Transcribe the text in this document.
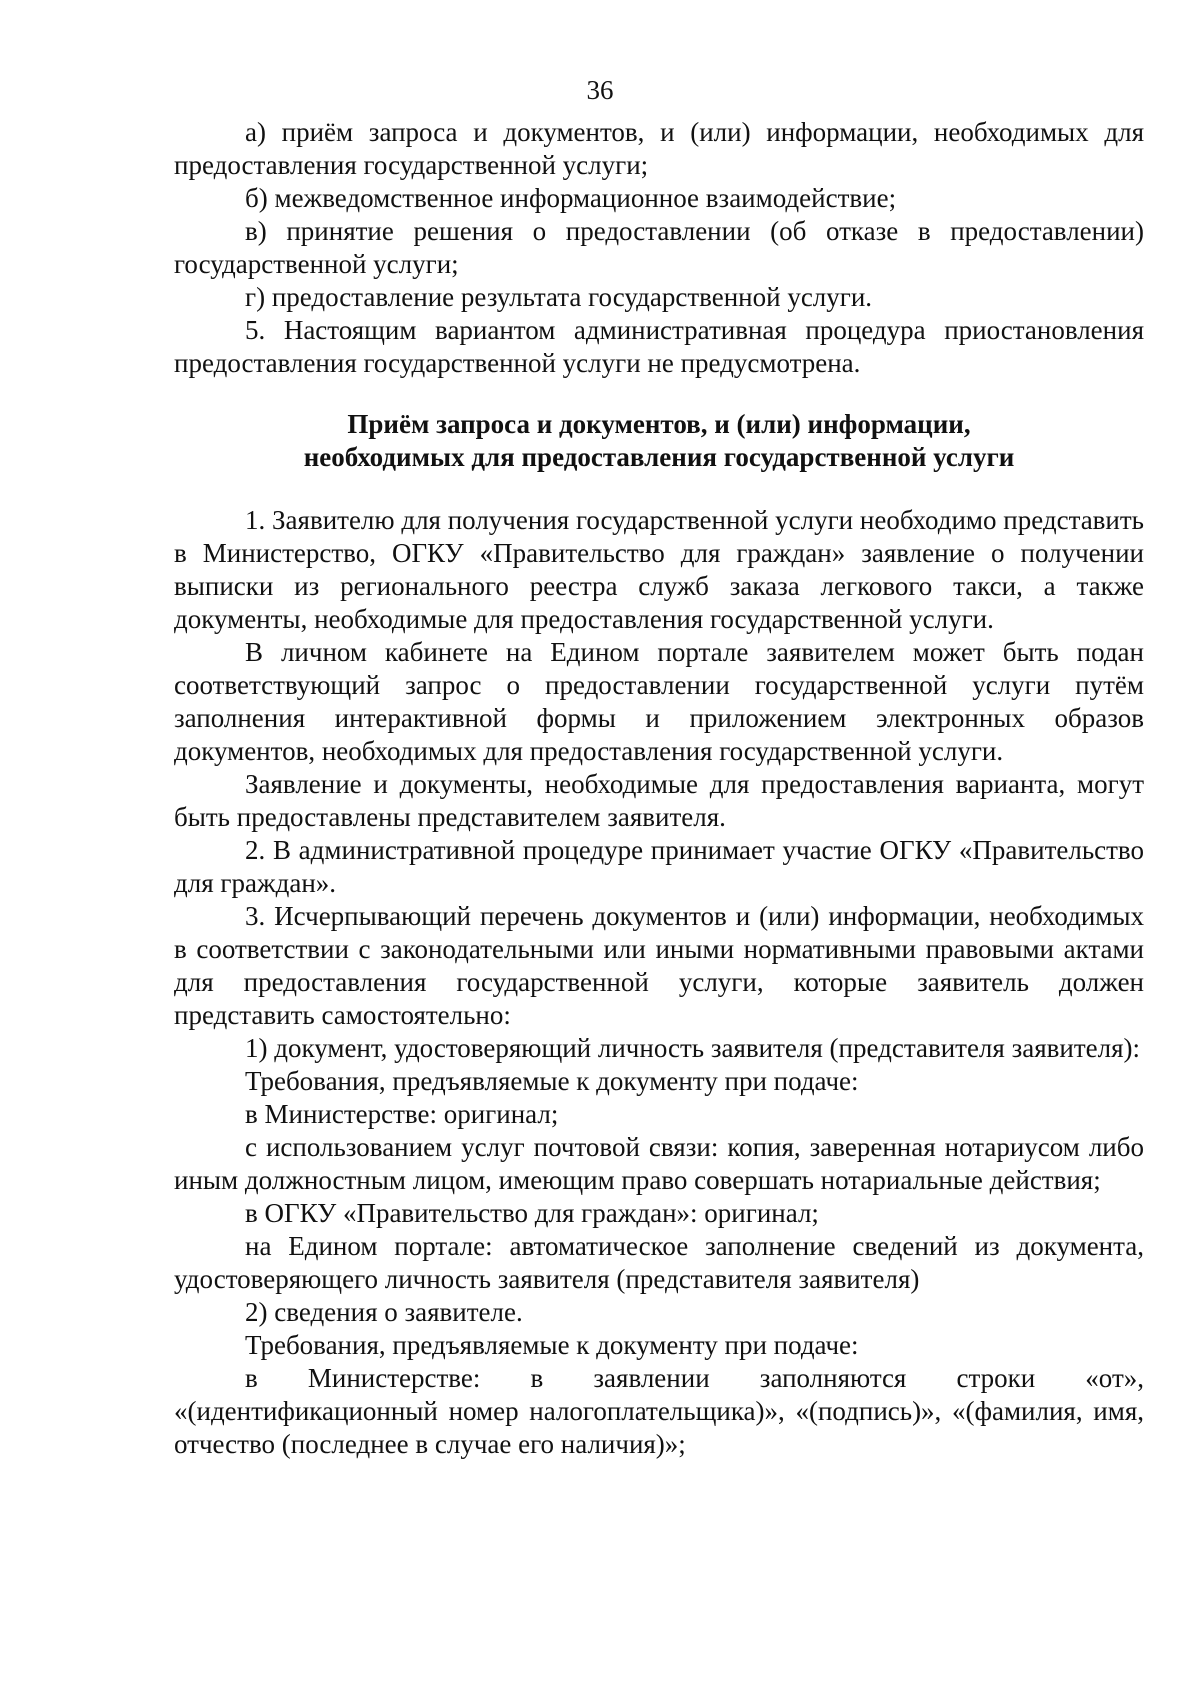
36

а) приём запроса и документов, и (или) информации, необходимых для предоставления государственной услуги;

б) межведомственное информационное взаимодействие;

в) принятие решения о предоставлении (об отказе в предоставлении) государственной услуги;

г) предоставление результата государственной услуги.

5. Настоящим вариантом административная процедура приостановления предоставления государственной услуги не предусмотрена.

Приём запроса и документов, и (или) информации,
необходимых для предоставления государственной услуги

1. Заявителю для получения государственной услуги необходимо представить в Министерство, ОГКУ «Правительство для граждан» заявление о получении выписки из регионального реестра служб заказа легкового такси, а также документы, необходимые для предоставления государственной услуги.

В личном кабинете на Едином портале заявителем может быть подан соответствующий запрос о предоставлении государственной услуги путём заполнения интерактивной формы и приложением электронных образов документов, необходимых для предоставления государственной услуги.

Заявление и документы, необходимые для предоставления варианта, могут быть предоставлены представителем заявителя.

2. В административной процедуре принимает участие ОГКУ «Правительство для граждан».

3. Исчерпывающий перечень документов и (или) информации, необходимых в соответствии с законодательными или иными нормативными правовыми актами для предоставления государственной услуги, которые заявитель должен представить самостоятельно:

1) документ, удостоверяющий личность заявителя (представителя заявителя):

Требования, предъявляемые к документу при подаче:

в Министерстве: оригинал;

с использованием услуг почтовой связи: копия, заверенная нотариусом либо иным должностным лицом, имеющим право совершать нотариальные действия;

в ОГКУ «Правительство для граждан»: оригинал;

на Едином портале: автоматическое заполнение сведений из документа, удостоверяющего личность заявителя (представителя заявителя)

2) сведения о заявителе.

Требования, предъявляемые к документу при подаче:

в Министерстве: в заявлении заполняются строки «от», «(идентификационный номер налогоплательщика)», «(подпись)», «(фамилия, имя, отчество (последнее в случае его наличия)»;
